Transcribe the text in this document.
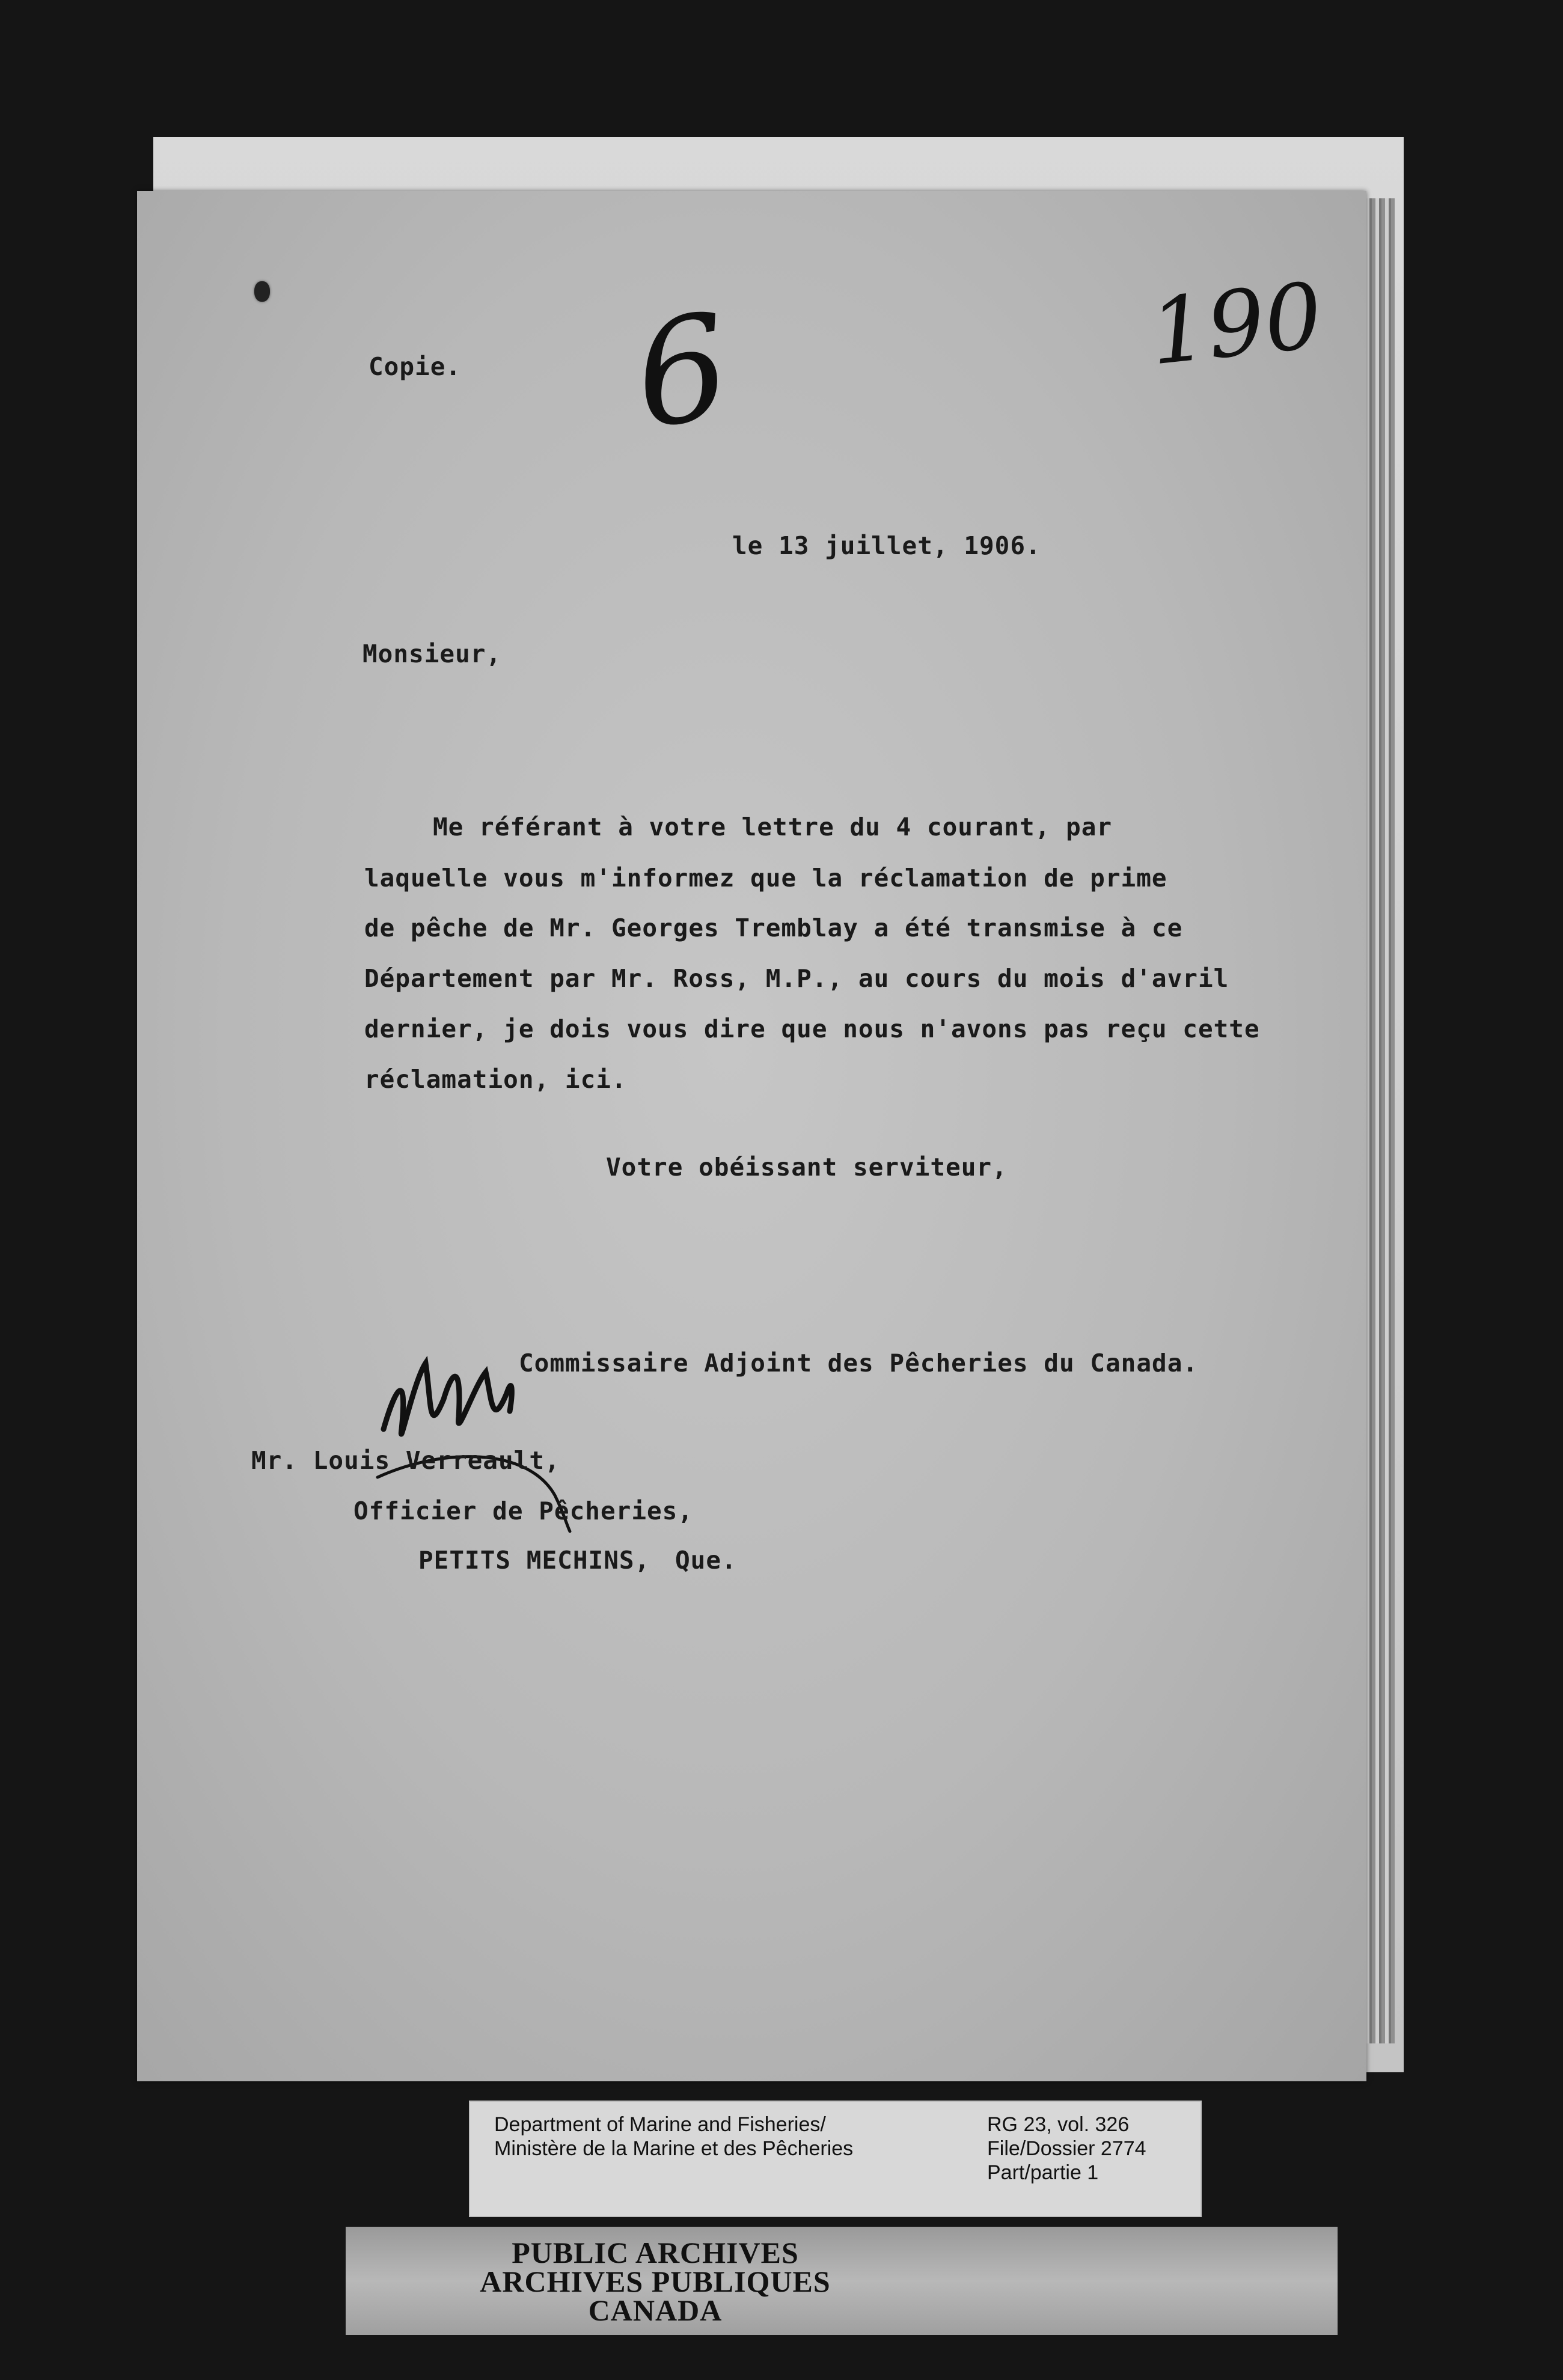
190
6
Copie.
le 13 juillet, 1906.
Monsieur,
Me référant à votre lettre du 4 courant, par
laquelle vous m'informez que la réclamation de prime
de pêche de Mr. Georges Tremblay a été transmise à ce
Département par Mr. Ross, M.P., au cours du mois d'avril
dernier, je dois vous dire que nous n'avons pas reçu cette
réclamation, ici.
Votre obéissant serviteur,
Commissaire Adjoint des Pêcheries du Canada.
Mr. Louis Verreault,
Officier de Pêcheries,
PETITS MECHINS, Que.
Department of Marine and Fisheries/
Ministère de la Marine et des Pêcheries
RG 23, vol. 326
File/Dossier 2774
Part/partie 1
PUBLIC ARCHIVES
ARCHIVES PUBLIQUES
CANADA
